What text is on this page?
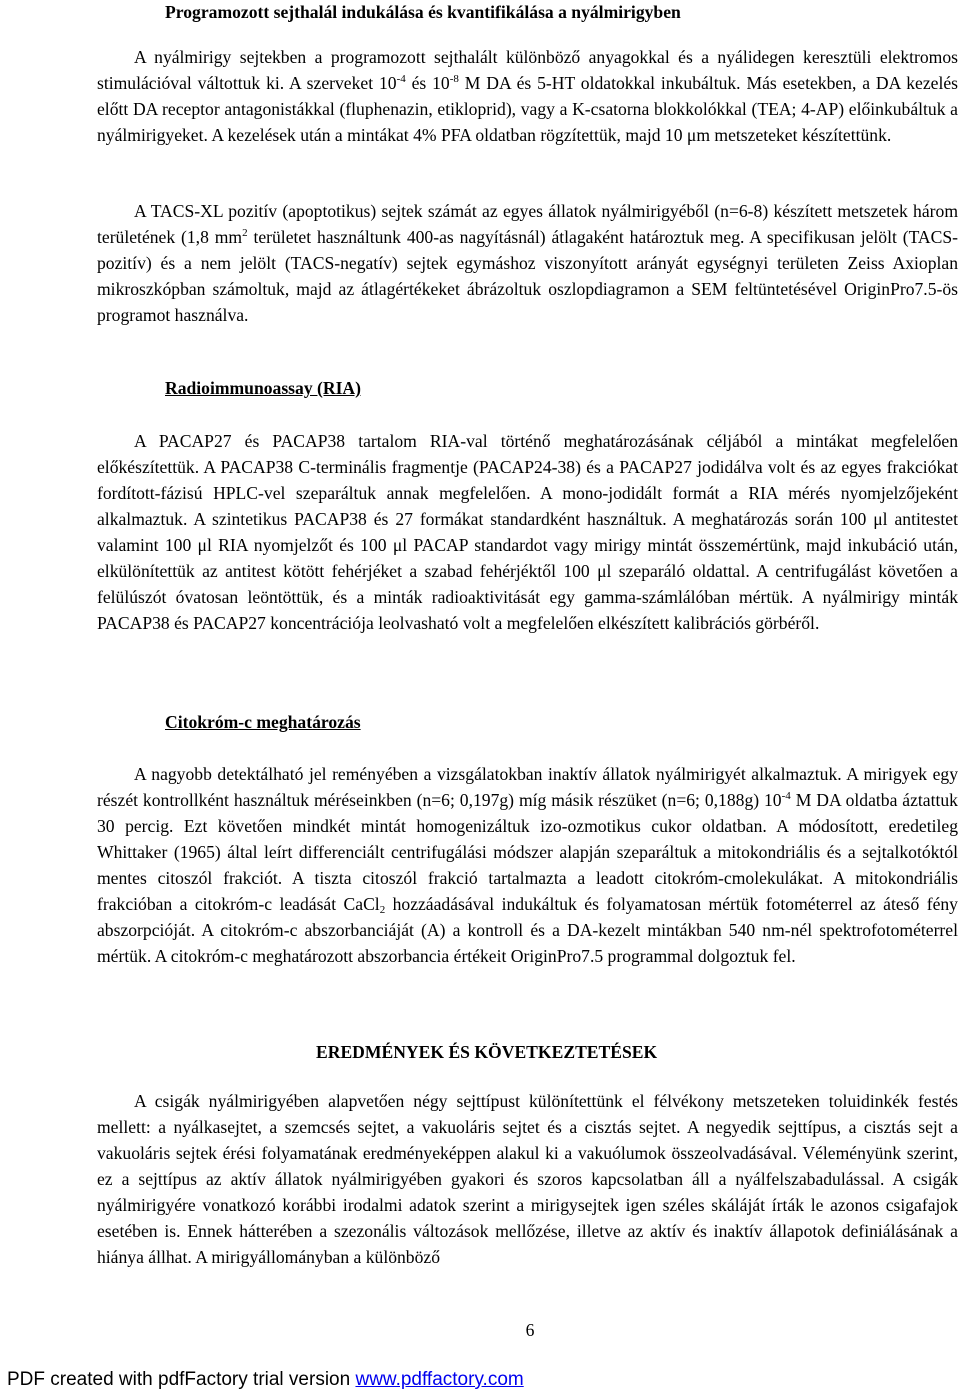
Programozott sejthalál indukálása és kvantifikálása a nyálmirigyben
A nyálmirigy sejtekben a programozott sejthalált különböző anyagokkal és a nyálidegen keresztüli elektromos stimulációval váltottuk ki. A szerveket $10^{-4}$ és $10^{-8}$ M DA és 5-HT oldatokkal inkubáltuk. Más esetekben, a DA kezelés előtt DA receptor antagonistákkal (fluphenazin, etikloprid), vagy a K-csatorna blokkolókkal (TEA; 4-AP) előinkubáltuk a nyálmirigyeket. A kezelések után a mintákat 4% PFA oldatban rögzítettük, majd 10 μm metszeteket készítettünk.
A TACS-XL pozitív (apoptotikus) sejtek számát az egyes állatok nyálmirigyéből (n=6-8) készített metszetek három területének (1,8 $mm^2$ területet használtunk 400-as nagyításnál) átlagaként határoztuk meg. A specifikusan jelölt (TACS-pozitív) és a nem jelölt (TACS-negatív) sejtek egymáshoz viszonyított arányát egységnyi területen Zeiss Axioplan mikroszkópban számoltuk, majd az átlagértékeket ábrázoltuk oszlopdiagramon a SEM feltüntetésével OriginPro7.5-ös programot használva.
Radioimmunoassay (RIA)
A PACAP27 és PACAP38 tartalom RIA-val történő meghatározásának céljából a mintákat megfelelően előkészítettük. A PACAP38 C-terminális fragmentje (PACAP24-38) és a PACAP27 jodidálva volt és az egyes frakciókat fordított-fázisú HPLC-vel szeparáltuk annak megfelelően. A mono-jodidált formát a RIA mérés nyomjelzőjeként alkalmaztuk. A szintetikus PACAP38 és 27 formákat standardként használtuk. A meghatározás során 100 μl antitestet valamint 100 μl RIA nyomjelzőt és 100 μl PACAP standardot vagy mirigy mintát összemértünk, majd inkubáció után, elkülönítettük az antitest kötött fehérjéket a szabad fehérjéktől 100 μl szeparáló oldattal. A centrifugálást követően a felülúszót óvatosan leöntöttük, és a minták radioaktivitását egy gamma-számlálóban mértük. A nyálmirigy minták PACAP38 és PACAP27 koncentrációja leolvasható volt a megfelelően elkészített kalibrációs görbéről.
Citokróm-c meghatározás
A nagyobb detektálható jel reményében a vizsgálatokban inaktív állatok nyálmirigyét alkalmaztuk. A mirigyek egy részét kontrollként használtuk méréseinkben (n=6; 0,197g) míg másik részüket (n=6; 0,188g) $10^{-4}$ M DA oldatba áztattuk 30 percig. Ezt követően mindkét mintát homogenizáltuk izo-ozmotikus cukor oldatban. A módosított, eredetileg Whittaker (1965) által leírt differenciált centrifugálási módszer alapján szeparáltuk a mitokondriális és a sejtalkotóktól mentes citoszól frakciót. A tiszta citoszól frakció tartalmazta a leadott citokróm-cmolekulákat. A mitokondriális frakcióban a citokróm-c leadását CaCl$_2$ hozzáadásával indukáltuk és folyamatosan mértük fotométerrel az áteső fény abszorpcióját. A citokróm-c abszorbanciáját (A) a kontroll és a DA-kezelt mintákban 540 nm-nél spektrofotométerrel mértük. A citokróm-c meghatározott abszorbancia értékeit OriginPro7.5 programmal dolgoztuk fel.
EREDMÉNYEK ÉS KÖVETKEZTETÉSEK
A csigák nyálmirigyében alapvetően négy sejttípust különítettünk el félvékony metszeteken toluidinkék festés mellett: a nyálkasejtet, a szemcsés sejtet, a vakuoláris sejtet és a cisztás sejtet. A negyedik sejttípus, a cisztás sejt a vakuoláris sejtek érési folyamatának eredményeképpen alakul ki a vakuólumok összeolvadásával. Véleményünk szerint, ez a sejttípus az aktív állatok nyálmirigyében gyakori és szoros kapcsolatban áll a nyálfelszabadulással. A csigák nyálmirigyére vonatkozó korábbi irodalmi adatok szerint a mirigysejtek igen széles skáláját írták le azonos csigafajok esetében is. Ennek hátterében a szezonális változások mellőzése, illetve az aktív és inaktív állapotok definiálásának a hiánya állhat. A mirigyállományban a különböző
6
PDF created with pdfFactory trial version www.pdffactory.com
